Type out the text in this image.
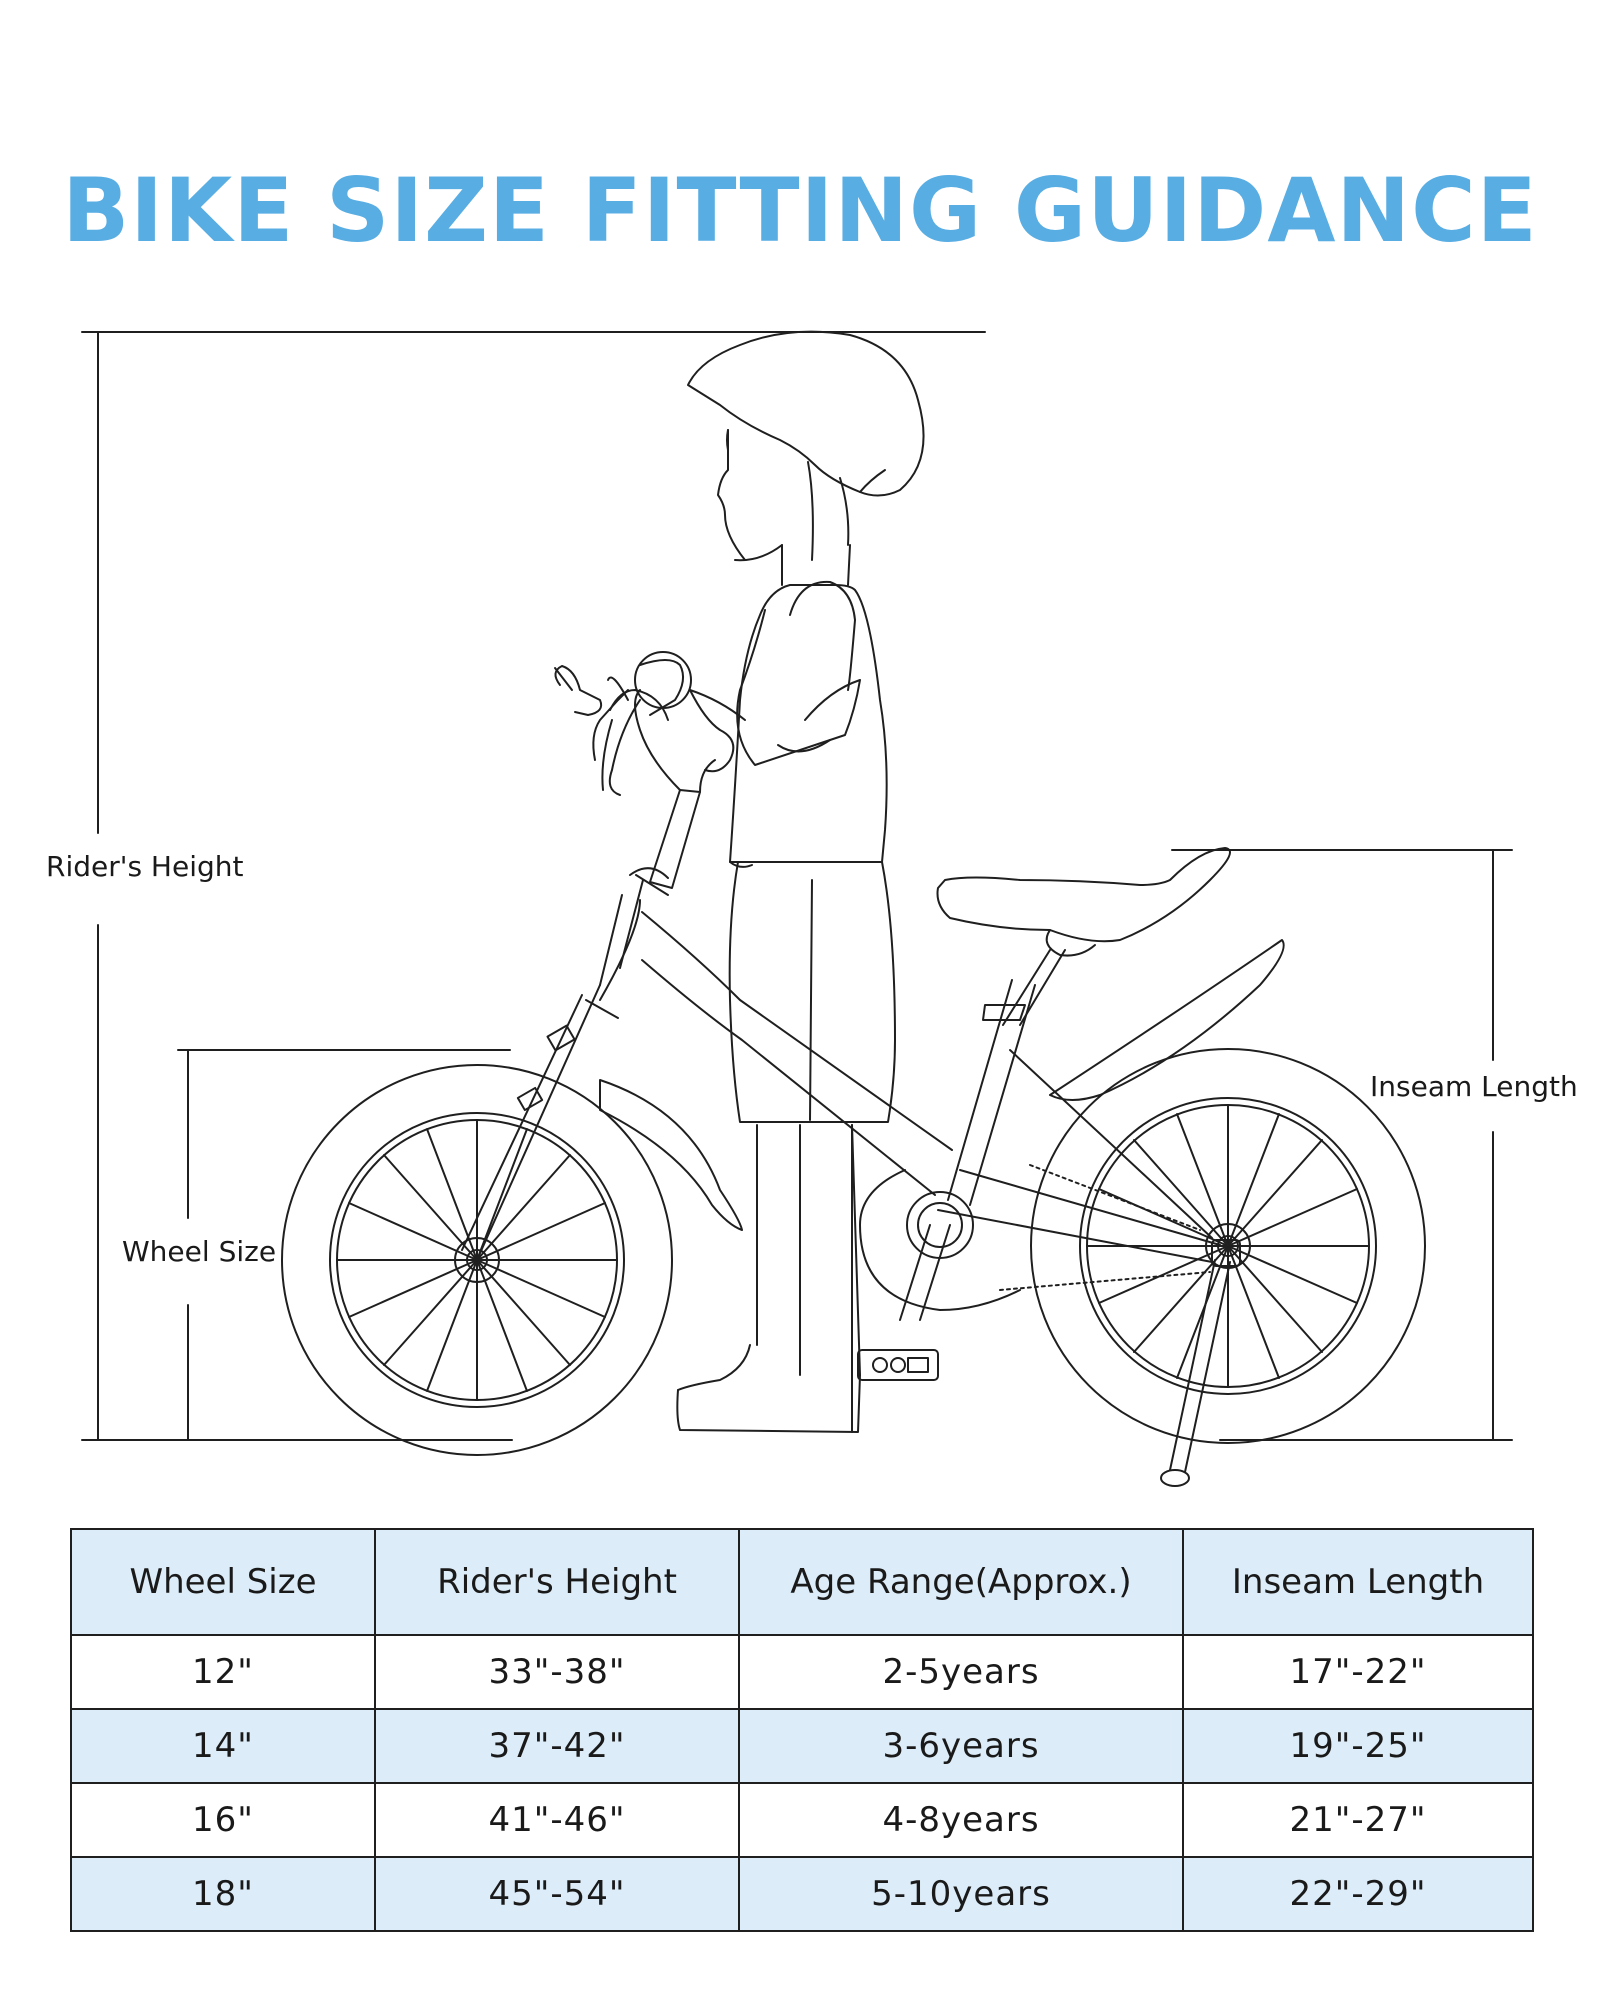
BIKE SIZE FITTING GUIDANCE
Rider's Height
Wheel Size
Inseam Length
Wheel Size	Rider's Height	Age Range(Approx.)	Inseam Length
12"	33"-38"	2-5years	17"-22"
14"	37"-42"	3-6years	19"-25"
16"	41"-46"	4-8years	21"-27"
18"	45"-54"	5-10years	22"-29"
